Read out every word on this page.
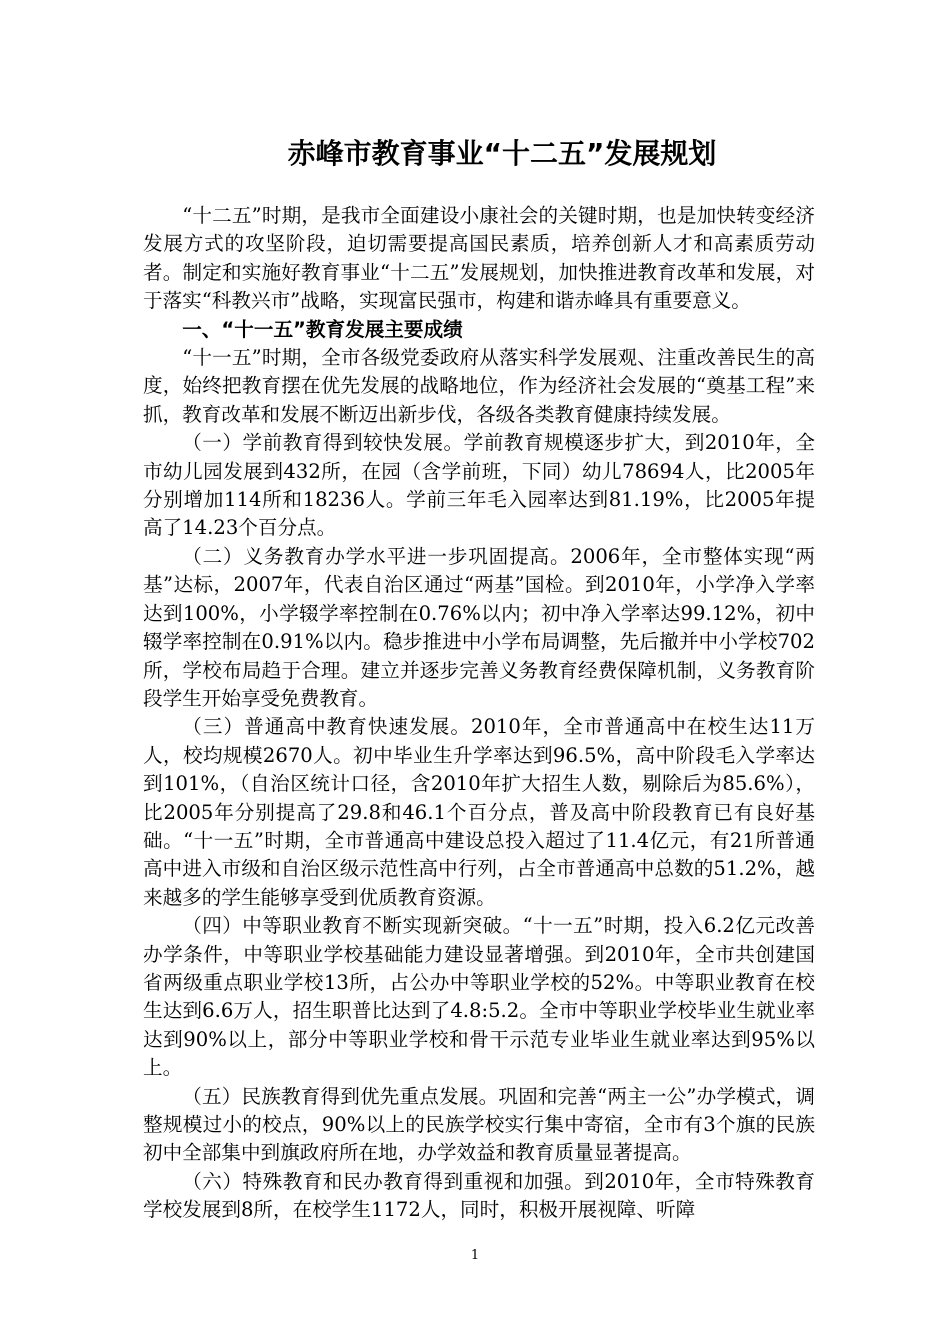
赤峰市教育事业“十二五”发展规划

“十二五”时期，是我市全面建设小康社会的关键时期，也是加快转变经济发展方式的攻坚阶段，迫切需要提高国民素质，培养创新人才和高素质劳动者。制定和实施好教育事业“十二五”发展规划，加快推进教育改革和发展，对于落实“科教兴市”战略，实现富民强市，构建和谐赤峰具有重要意义。

一、“十一五”教育发展主要成绩

“十一五”时期，全市各级党委政府从落实科学发展观、注重改善民生的高度，始终把教育摆在优先发展的战略地位，作为经济社会发展的“奠基工程”来抓，教育改革和发展不断迈出新步伐，各级各类教育健康持续发展。

（一）学前教育得到较快发展。学前教育规模逐步扩大，到2010年，全市幼儿园发展到432所，在园（含学前班，下同）幼儿78694人，比2005年分别增加114所和18236人。学前三年毛入园率达到81.19%，比2005年提高了14.23个百分点。

（二）义务教育办学水平进一步巩固提高。2006年，全市整体实现“两基”达标，2007年，代表自治区通过“两基”国检。到2010年，小学净入学率达到100%，小学辍学率控制在0.76%以内；初中净入学率达99.12%，初中辍学率控制在0.91%以内。稳步推进中小学布局调整，先后撤并中小学校702所，学校布局趋于合理。建立并逐步完善义务教育经费保障机制，义务教育阶段学生开始享受免费教育。

（三）普通高中教育快速发展。2010年，全市普通高中在校生达11万人，校均规模2670人。初中毕业生升学率达到96.5%，高中阶段毛入学率达到101%，（自治区统计口径，含2010年扩大招生人数，剔除后为85.6%），比2005年分别提高了29.8和46.1个百分点，普及高中阶段教育已有良好基础。“十一五”时期，全市普通高中建设总投入超过了11.4亿元，有21所普通高中进入市级和自治区级示范性高中行列，占全市普通高中总数的51.2%，越来越多的学生能够享受到优质教育资源。

（四）中等职业教育不断实现新突破。“十一五”时期，投入6.2亿元改善办学条件，中等职业学校基础能力建设显著增强。到2010年，全市共创建国省两级重点职业学校13所，占公办中等职业学校的52%。中等职业教育在校生达到6.6万人，招生职普比达到了4.8:5.2。全市中等职业学校毕业生就业率达到90%以上，部分中等职业学校和骨干示范专业毕业生就业率达到95%以上。

（五）民族教育得到优先重点发展。巩固和完善“两主一公”办学模式，调整规模过小的校点，90%以上的民族学校实行集中寄宿，全市有3个旗的民族初中全部集中到旗政府所在地，办学效益和教育质量显著提高。

（六）特殊教育和民办教育得到重视和加强。到2010年，全市特殊教育学校发展到8所，在校学生1172人，同时，积极开展视障、听障

1
